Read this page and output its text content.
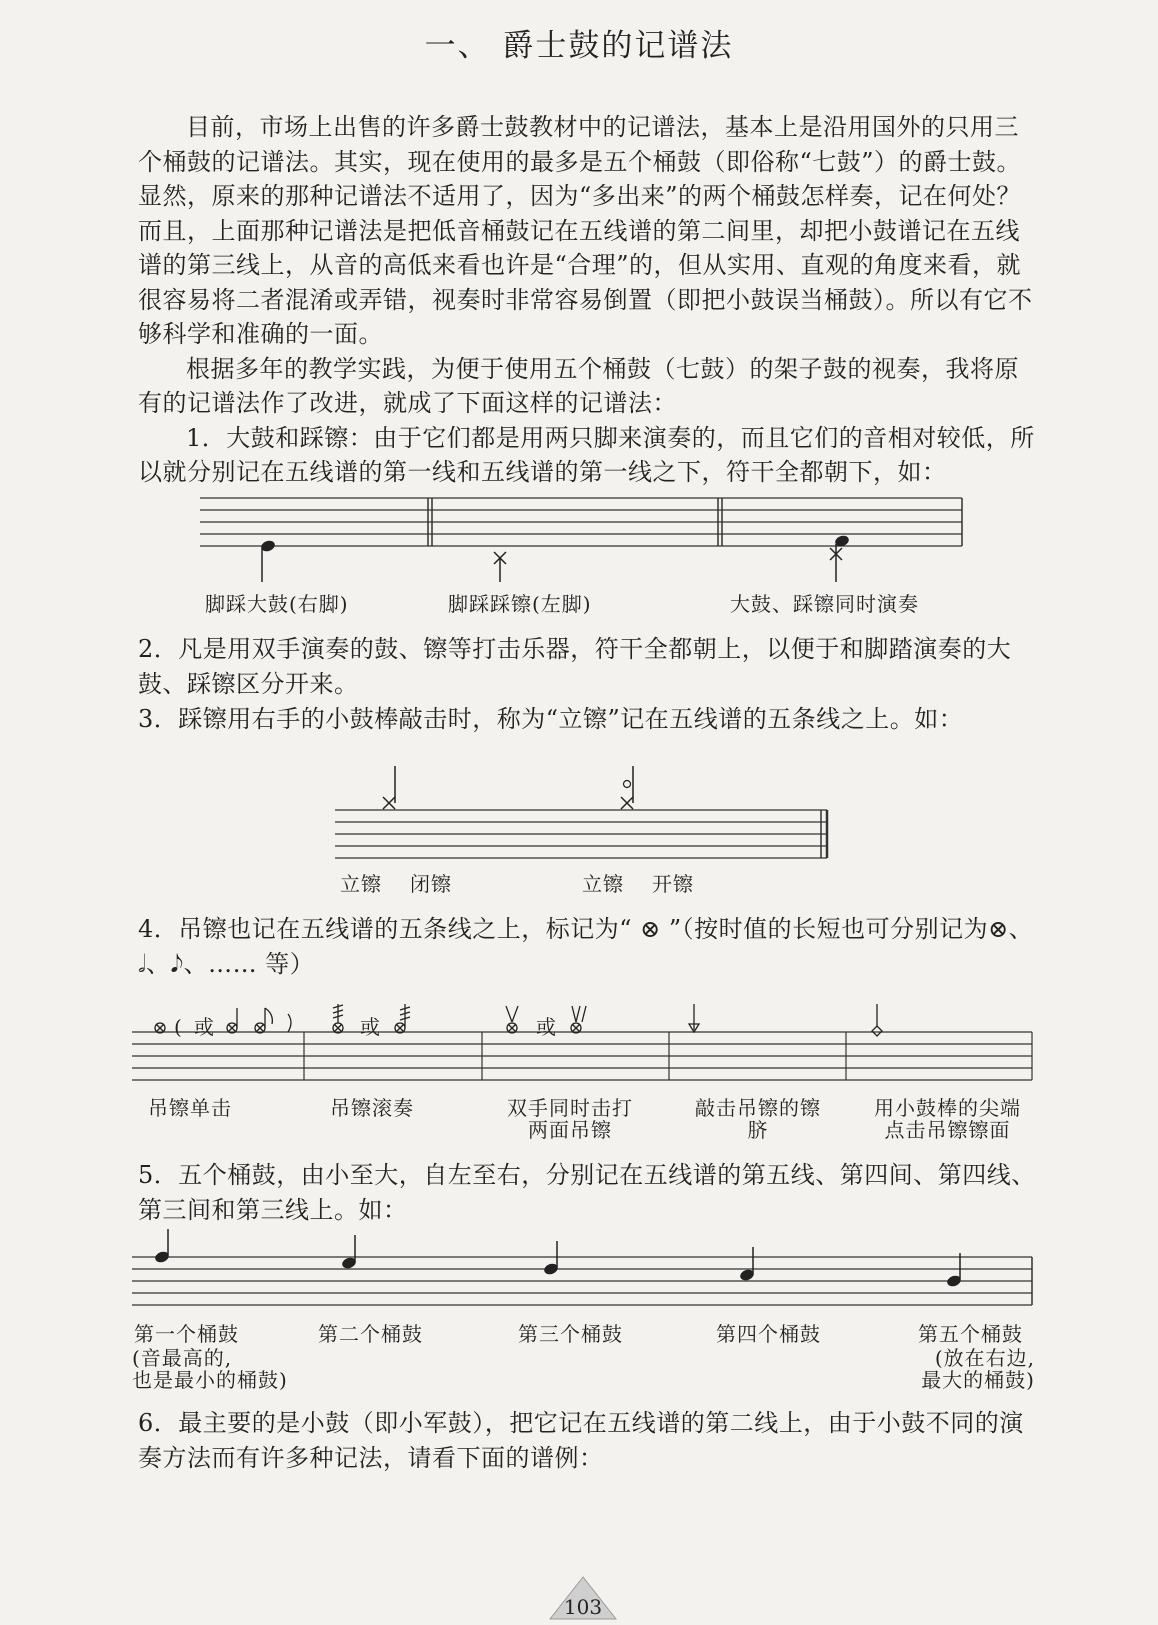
一、 爵士鼓的记谱法

目前，市场上出售的许多爵士鼓教材中的记谱法，基本上是沿用国外的只用三个桶鼓的记谱法。其实，现在使用的最多是五个桶鼓（即俗称“七鼓”）的爵士鼓。显然，原来的那种记谱法不适用了，因为“多出来”的两个桶鼓怎样奏，记在何处？而且，上面那种记谱法是把低音桶鼓记在五线谱的第二间里，却把小鼓谱记在五线谱的第三线上，从音的高低来看也许是“合理”的，但从实用、直观的角度来看，就很容易将二者混淆或弄错，视奏时非常容易倒置（即把小鼓误当桶鼓）。所以有它不够科学和准确的一面。

根据多年的教学实践，为便于使用五个桶鼓（七鼓）的架子鼓的视奏，我将原有的记谱法作了改进，就成了下面这样的记谱法：

1．大鼓和踩镲：由于它们都是用两只脚来演奏的，而且它们的音相对较低，所以就分别记在五线谱的第一线和五线谱的第一线之下，符干全都朝下，如：

脚踩大鼓(右脚)	脚踩踩镲(左脚)	大鼓、踩镲同时演奏
2．凡是用双手演奏的鼓、镲等打击乐器，符干全都朝上，以便于和脚踏演奏的大鼓、踩镲区分开来。
3．踩镲用右手的小鼓棒敲击时，称为“立镲”记在五线谱的五条线之上。如：
立镲 闭镲	立镲 开镲
4．吊镲也记在五线谱的五条线之上，标记为“ ⊗ ”（按时值的长短也可分别记为⊗、𝅗𝅥、𝅘𝅥𝅮、…… 等）
( 或	或	或
吊镲单击	吊镲滚奏	双手同时击打
两面吊镲
敲击吊镲的镲
脐
用小鼓棒的尖端
点击吊镲镲面
5．五个桶鼓，由小至大，自左至右，分别记在五线谱的第五线、第四间、第四线、第三间和第三线上。如：
第一个桶鼓	第二个桶鼓	第三个桶鼓	第四个桶鼓	第五个桶鼓
(音最高的,
也是最小的桶鼓)
(放在右边,
最大的桶鼓)
6．最主要的是小鼓（即小军鼓），把它记在五线谱的第二线上，由于小鼓不同的演奏方法而有许多种记法，请看下面的谱例：
103
